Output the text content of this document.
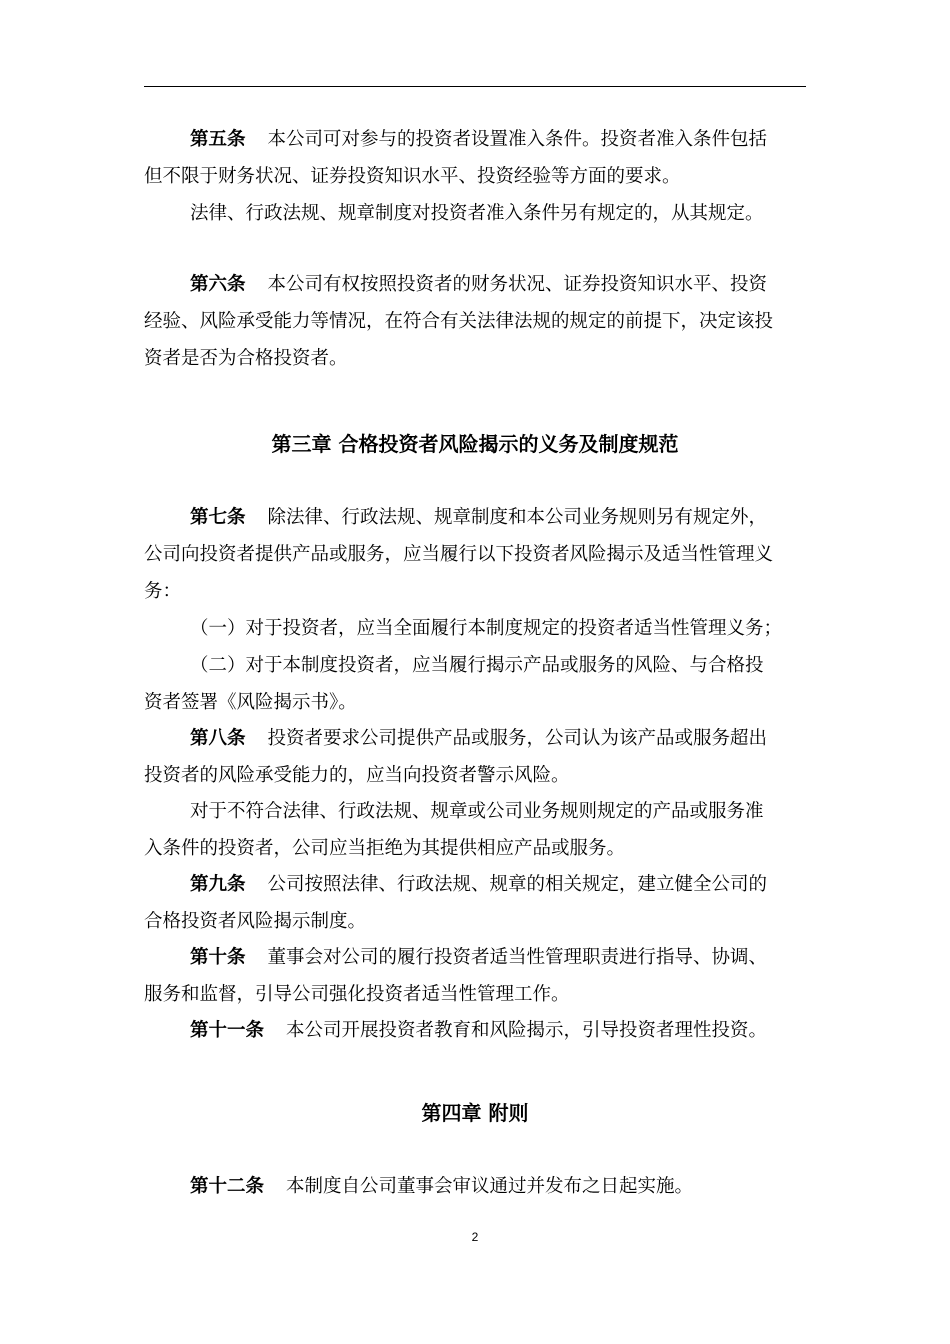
第五条 本公司可对参与的投资者设置准入条件。投资者准入条件包括
但不限于财务状况、证券投资知识水平、投资经验等方面的要求。
法律、行政法规、规章制度对投资者准入条件另有规定的，从其规定。
第六条 本公司有权按照投资者的财务状况、证券投资知识水平、投资
经验、风险承受能力等情况，在符合有关法律法规的规定的前提下，决定该投
资者是否为合格投资者。
第三章 合格投资者风险揭示的义务及制度规范
第七条 除法律、行政法规、规章制度和本公司业务规则另有规定外，
公司向投资者提供产品或服务，应当履行以下投资者风险揭示及适当性管理义
务：
（一）对于投资者，应当全面履行本制度规定的投资者适当性管理义务；
（二）对于本制度投资者，应当履行揭示产品或服务的风险、与合格投
资者签署《风险揭示书》。
第八条 投资者要求公司提供产品或服务，公司认为该产品或服务超出
投资者的风险承受能力的，应当向投资者警示风险。
对于不符合法律、行政法规、规章或公司业务规则规定的产品或服务准
入条件的投资者，公司应当拒绝为其提供相应产品或服务。
第九条 公司按照法律、行政法规、规章的相关规定，建立健全公司的
合格投资者风险揭示制度。
第十条 董事会对公司的履行投资者适当性管理职责进行指导、协调、
服务和监督，引导公司强化投资者适当性管理工作。
第十一条 本公司开展投资者教育和风险揭示，引导投资者理性投资。
第四章 附则
第十二条 本制度自公司董事会审议通过并发布之日起实施。
2
